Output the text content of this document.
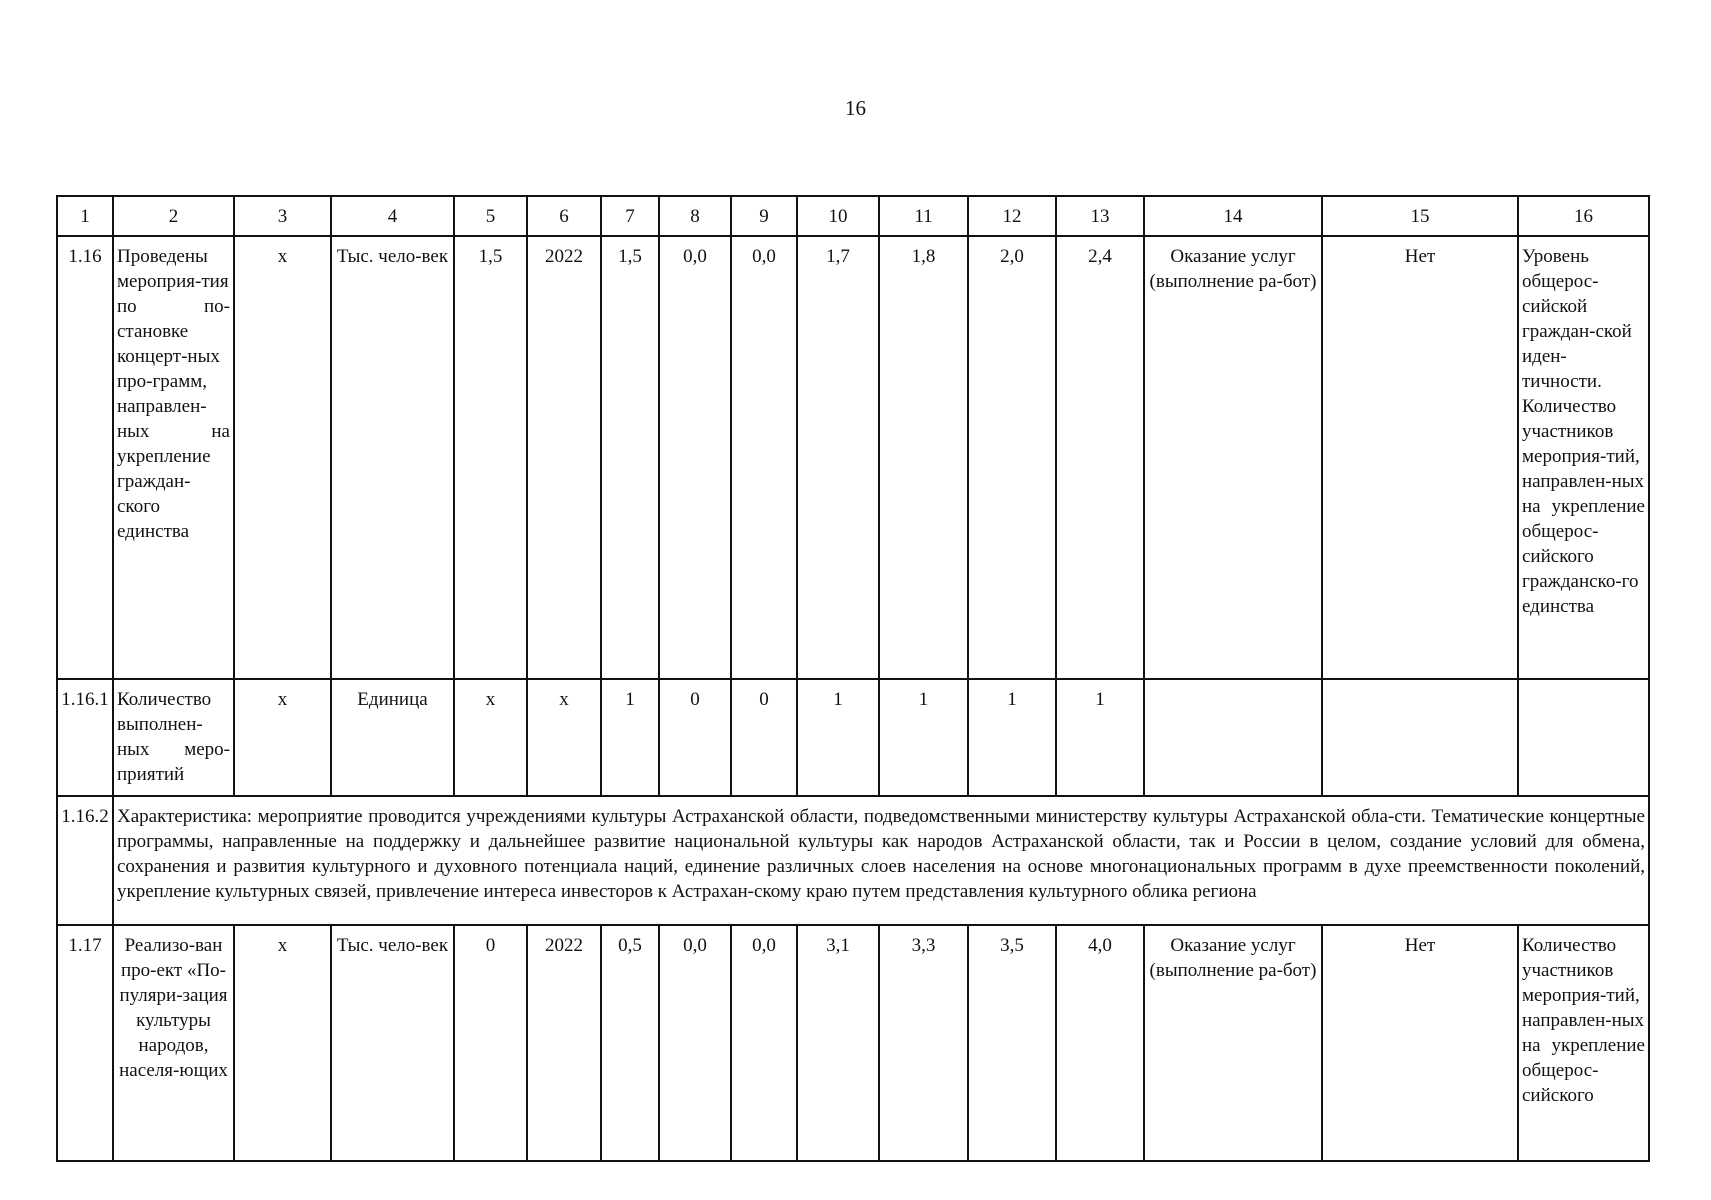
16
1	2	3	4	5	6	7	8	9	10	11	12	13	14	15	16
1.16	Проведены мероприя-тия по по-становке концерт-ных про-грамм, направлен-ных на укрепление граждан-ского единства	х	Тыс. чело-век	1,5	2022	1,5	0,0	0,0	1,7	1,8	2,0	2,4	Оказание услуг (выполнение ра-бот)	Нет	Уровень общерос-сийской граждан-ской иден-тичности. Количество участников мероприя-тий, направлен-ных на укрепление общерос-сийского гражданско-го единства
1.16.1	Количество выполнен-ных меро-приятий	х	Единица	х	х	1	0	0	1	1	1	1			
1.16.2	Характеристика: мероприятие проводится учреждениями культуры Астраханской области, подведомственными министерству культуры Астраханской обла-сти. Тематические концертные программы, направленные на поддержку и дальнейшее развитие национальной культуры как народов Астраханской области, так и России в целом, создание условий для обмена, сохранения и развития культурного и духовного потенциала наций, единение различных слоев населения на основе многонациональных программ в духе преемственности поколений, укрепление культурных связей, привлечение интереса инвесторов к Астрахан-скому краю путем представления культурного облика региона														
1.17	Реализо-ван про-ект «По-пуляри-зация культуры народов, населя-ющих	х	Тыс. чело-век	0	2022	0,5	0,0	0,0	3,1	3,3	3,5	4,0	Оказание услуг (выполнение ра-бот)	Нет	Количество участников мероприя-тий, направлен-ных на укрепление общерос-сийского
